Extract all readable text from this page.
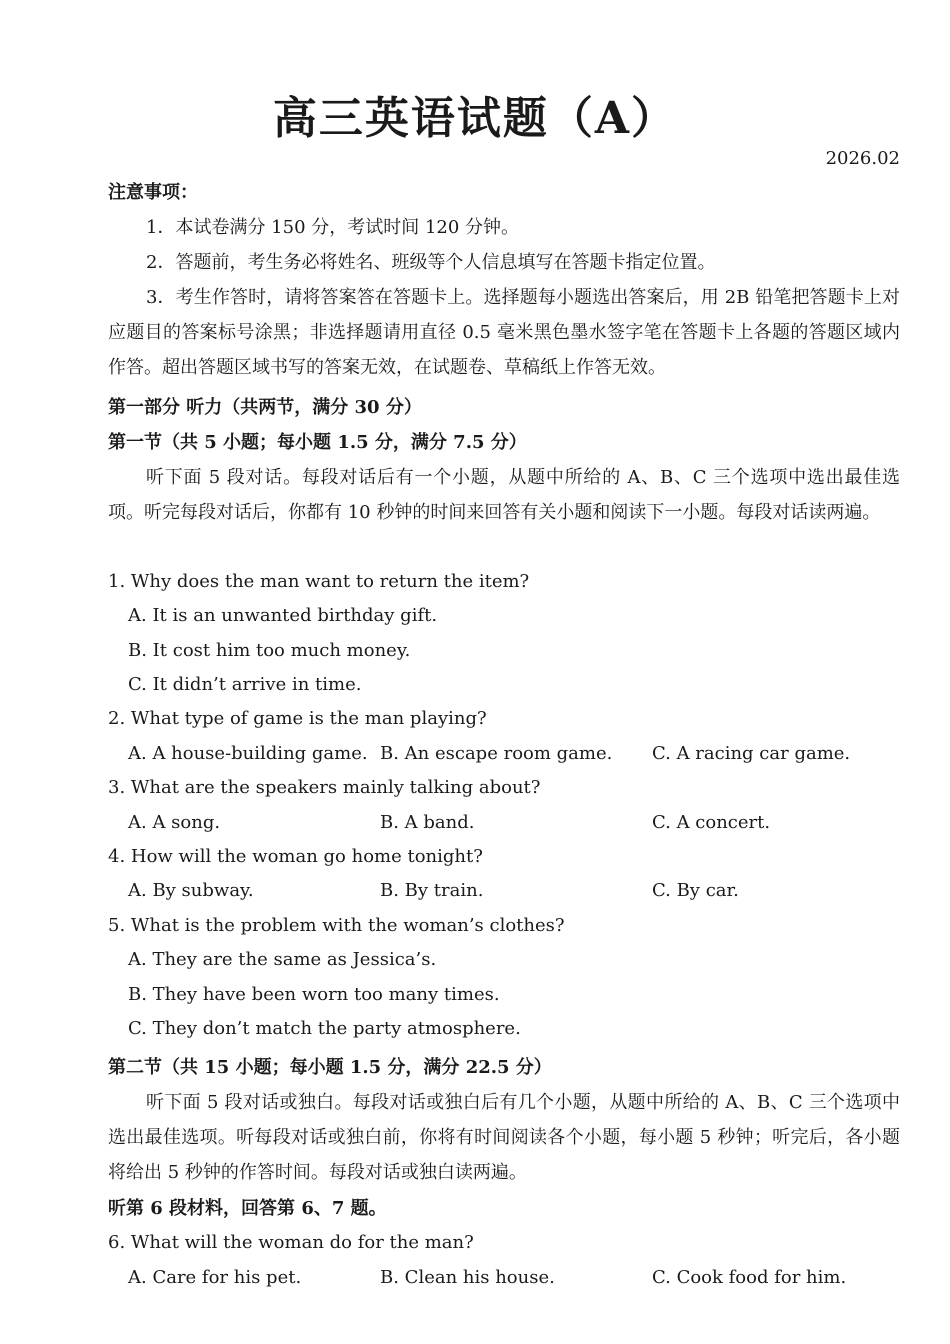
高三英语试题（A）
2026.02
注意事项：
1．本试卷满分 150 分，考试时间 120 分钟。
2．答题前，考生务必将姓名、班级等个人信息填写在答题卡指定位置。
3．考生作答时，请将答案答在答题卡上。选择题每小题选出答案后，用 2B 铅笔把答题卡上对应题目的答案标号涂黑；非选择题请用直径 0.5 毫米黑色墨水签字笔在答题卡上各题的答题区域内作答。超出答题区域书写的答案无效，在试题卷、草稿纸上作答无效。
第一部分 听力（共两节，满分 30 分）
第一节（共 5 小题；每小题 1.5 分，满分 7.5 分）
听下面 5 段对话。每段对话后有一个小题，从题中所给的 A、B、C 三个选项中选出最佳选项。听完每段对话后，你都有 10 秒钟的时间来回答有关小题和阅读下一小题。每段对话读两遍。
1. Why does the man want to return the item?
A. It is an unwanted birthday gift.
B. It cost him too much money.
C. It didn’t arrive in time.
2. What type of game is the man playing?
A. A house-building game. B. An escape room game. C. A racing car game.
3. What are the speakers mainly talking about?
A. A song.	B. A band.	C. A concert.
4. How will the woman go home tonight?
A. By subway.	B. By train.	C. By car.
5. What is the problem with the woman’s clothes?
A. They are the same as Jessica’s.
B. They have been worn too many times.
C. They don’t match the party atmosphere.
第二节（共 15 小题；每小题 1.5 分，满分 22.5 分）
听下面 5 段对话或独白。每段对话或独白后有几个小题，从题中所给的 A、B、C 三个选项中选出最佳选项。听每段对话或独白前，你将有时间阅读各个小题，每小题 5 秒钟；听完后，各小题将给出 5 秒钟的作答时间。每段对话或独白读两遍。
听第 6 段材料，回答第 6、7 题。
6. What will the woman do for the man?
A. Care for his pet.	B. Clean his house.	C. Cook food for him.
